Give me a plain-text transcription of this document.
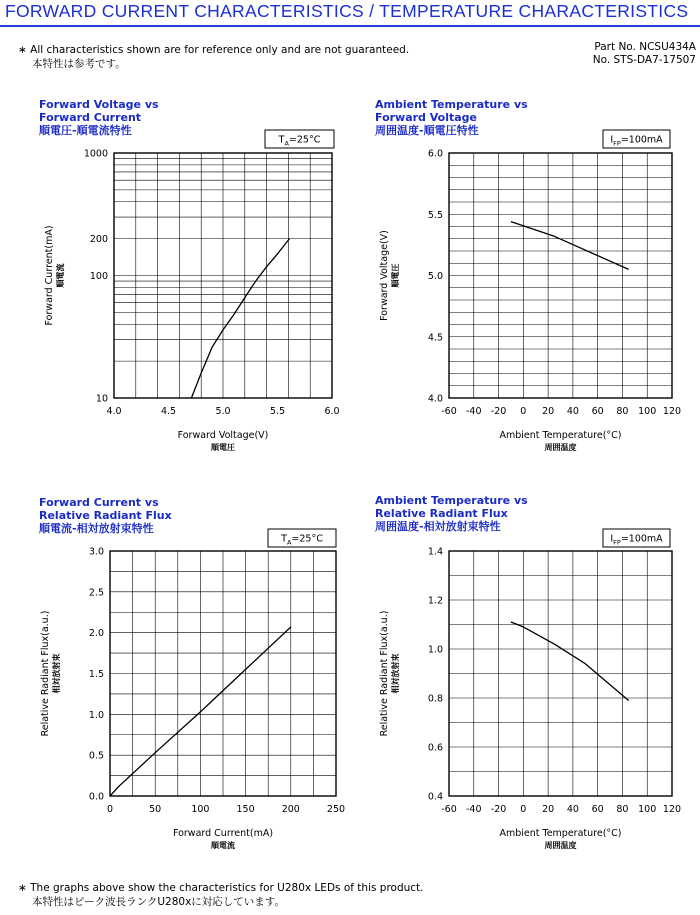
FORWARD CURRENT CHARACTERISTICS / TEMPERATURE CHARACTERISTICS
∗ All characteristics shown are for reference only and are not guaranteed.
本特性は参考です。
Part No. NCSU434A
No. STS-DA7-17507
Forward Voltage vs
Forward Current
順電圧-順電流特性
4.0	4.5	5.0	5.5	6.0
10
100
200
1000
Forward Voltage(V)
順電圧
Forward Current(mA) 順電流
$T_A=25^\circ C$
Ambient Temperature vs
Forward Voltage
周囲温度-順電圧特性
-60 -40 -20 0 20 40 60 80 100 120
4.0
4.5
5.0
5.5
6.0
Ambient Temperature(°C)
周囲温度
Forward Voltage(V) 順電圧
$I_{FP}=100mA$
Forward Current vs
Relative Radiant Flux
順電流-相対放射束特性
0	50	100	150	200	250
0.0
0.5
1.0
1.5
2.0
2.5
3.0
Forward Current(mA)
順電流
Relative Radiant Flux(a.u.) 相対放射束
$T_A=25^\circ C$
Ambient Temperature vs
Relative Radiant Flux
周囲温度-相対放射束特性
-60 -40 -20 0 20 40 60 80 100 120
0.4
0.6
0.8
1.0
1.2
1.4
Ambient Temperature(°C)
周囲温度
Relative Radiant Flux(a.u.) 相対放射束
$I_{FP}=100mA$
∗ The graphs above show the characteristics for U280x LEDs of this product.
本特性はピーク波長ランクU280xに対応しています。
